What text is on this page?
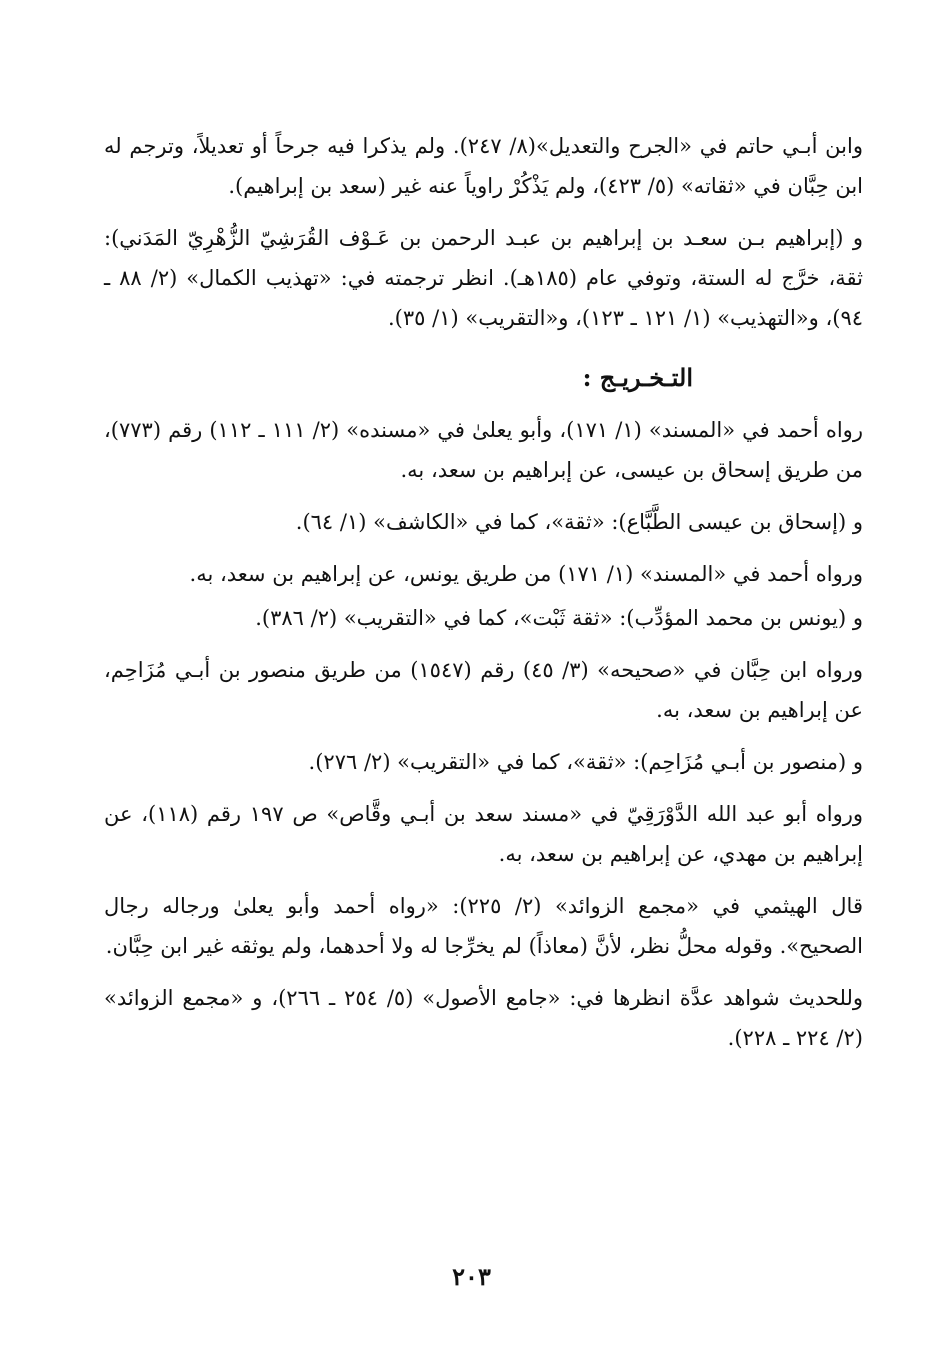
وابن أبـي حاتم في «الجرح والتعديل»(٨/ ٢٤٧). ولم يذكرا فيه جرحاً أو تعديلاً، وترجم له ابن حِبَّان في «ثقاته» (٥/ ٤٢٣)، ولم يَذْكُرْ راوياً عنه غير (سعد بن إبراهيم).

و (إبراهيم بـن سعـد بن إبراهيم بن عبـد الرحمن بن عَـوْف القُرَشِيّ الزُّهْرِيّ المَدَني): ثقة، خرَّج له الستة، وتوفي عام (١٨٥هـ). انظر ترجمته في: «تهذيب الكمال» (٢/ ٨٨ ـ ٩٤)، و«التهذيب» (١/ ١٢١ ـ ١٢٣)، و«التقريب» (١/ ٣٥).

التـخـريـج :

رواه أحمد في «المسند» (١/ ١٧١)، وأبو يعلىٰ في «مسنده» (٢/ ١١١ ـ ١١٢) رقم (٧٧٣)، من طريق إسحاق بن عيسى، عن إبراهيم بن سعد، به.

و (إسحاق بن عيسى الطَّبَّاع): «ثقة»، كما في «الكاشف» (١/ ٦٤).

ورواه أحمد في «المسند» (١/ ١٧١) من طريق يونس، عن إبراهيم بن سعد، به.

و (يونس بن محمد المؤدِّب): «ثقة ثَبْت»، كما في «التقريب» (٢/ ٣٨٦).

ورواه ابن حِبَّان في «صحيحه» (٣/ ٤٥) رقم (١٥٤٧) من طريق منصور بن أبـي مُزَاحِم، عن إبراهيم بن سعد، به.

و (منصور بن أبـي مُزَاحِم): «ثقة»، كما في «التقريب» (٢/ ٢٧٦).

ورواه أبو عبد الله الدَّوْرَقِيّ في «مسند سعد بن أبـي وقَّاص» ص ١٩٧ رقم (١١٨)، عن إبراهيم بن مهدي، عن إبراهيم بن سعد، به.

قال الهيثمي في «مجمع الزوائد» (٢/ ٢٢٥): «رواه أحمد وأبو يعلىٰ ورجاله رجال الصحيح». وقوله محلُّ نظر، لأنَّ (معاذاً) لم يخرِّجا له ولا أحدهما، ولم يوثقه غير ابن حِبَّان.

وللحديث شواهد عدَّة انظرها في: «جامع الأصول» (٥/ ٢٥٤ ـ ٢٦٦)، و «مجمع الزوائد» (٢/ ٢٢٤ ـ ٢٢٨).

٢٠٣
